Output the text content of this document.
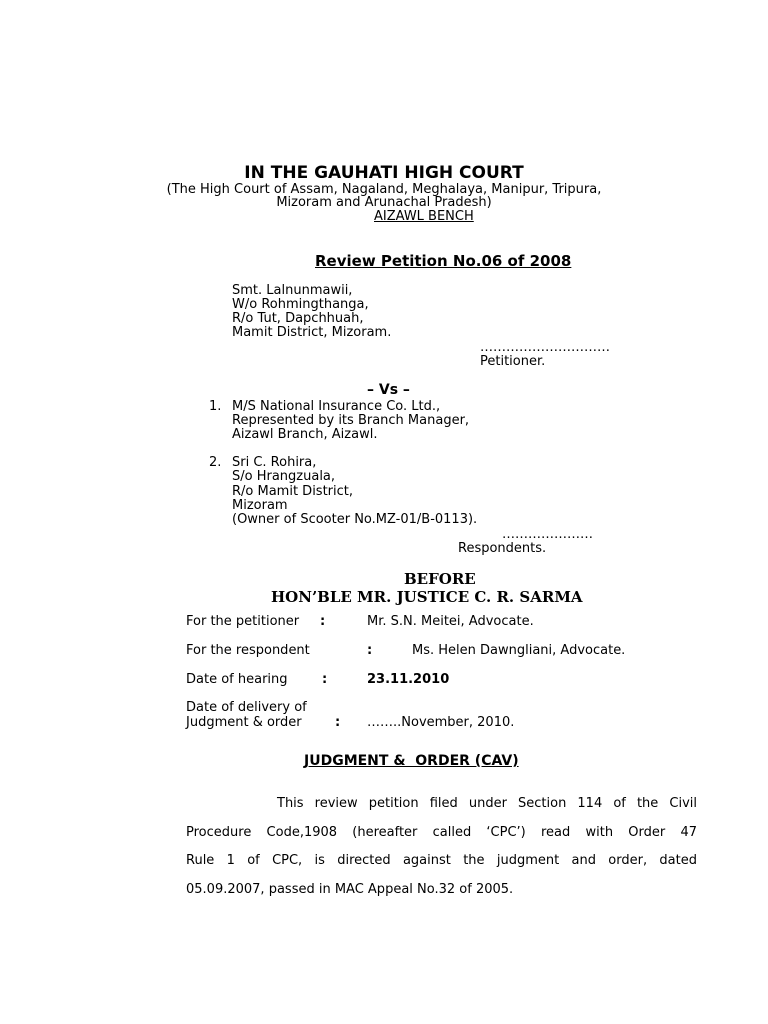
IN THE GAUHATI HIGH COURT
(The High Court of Assam, Nagaland, Meghalaya, Manipur, Tripura,
Mizoram and Arunachal Pradesh)
AIZAWL BENCH
Review Petition No.06 of 2008
Smt. Lalnunmawii,
W/o Rohmingthanga,
R/o Tut, Dapchhuah,
Mamit District, Mizoram.
…………………………
Petitioner.
– Vs –
1. M/S National Insurance Co. Ltd.,
Represented by its Branch Manager,
Aizawl Branch, Aizawl.
2. Sri C. Rohira,
S/o Hrangzuala,
R/o Mamit District,
Mizoram
(Owner of Scooter No.MZ-01/B-0113).
…………………
Respondents.
BEFORE
HON’BLE MR. JUSTICE C. R. SARMA
For the petitioner :	Mr. S.N. Meitei, Advocate.
For the respondent	:	Ms. Helen Dawngliani, Advocate.
Date of hearing	:	23.11.2010
Date of delivery of
Judgment & order	: ……..November, 2010.
JUDGMENT &  ORDER (CAV)
This review petition filed under Section 114 of the Civil
Procedure Code,1908 (hereafter called ‘CPC’) read with Order 47
Rule 1 of CPC, is directed against the judgment and order, dated
05.09.2007, passed in MAC Appeal No.32 of 2005.
